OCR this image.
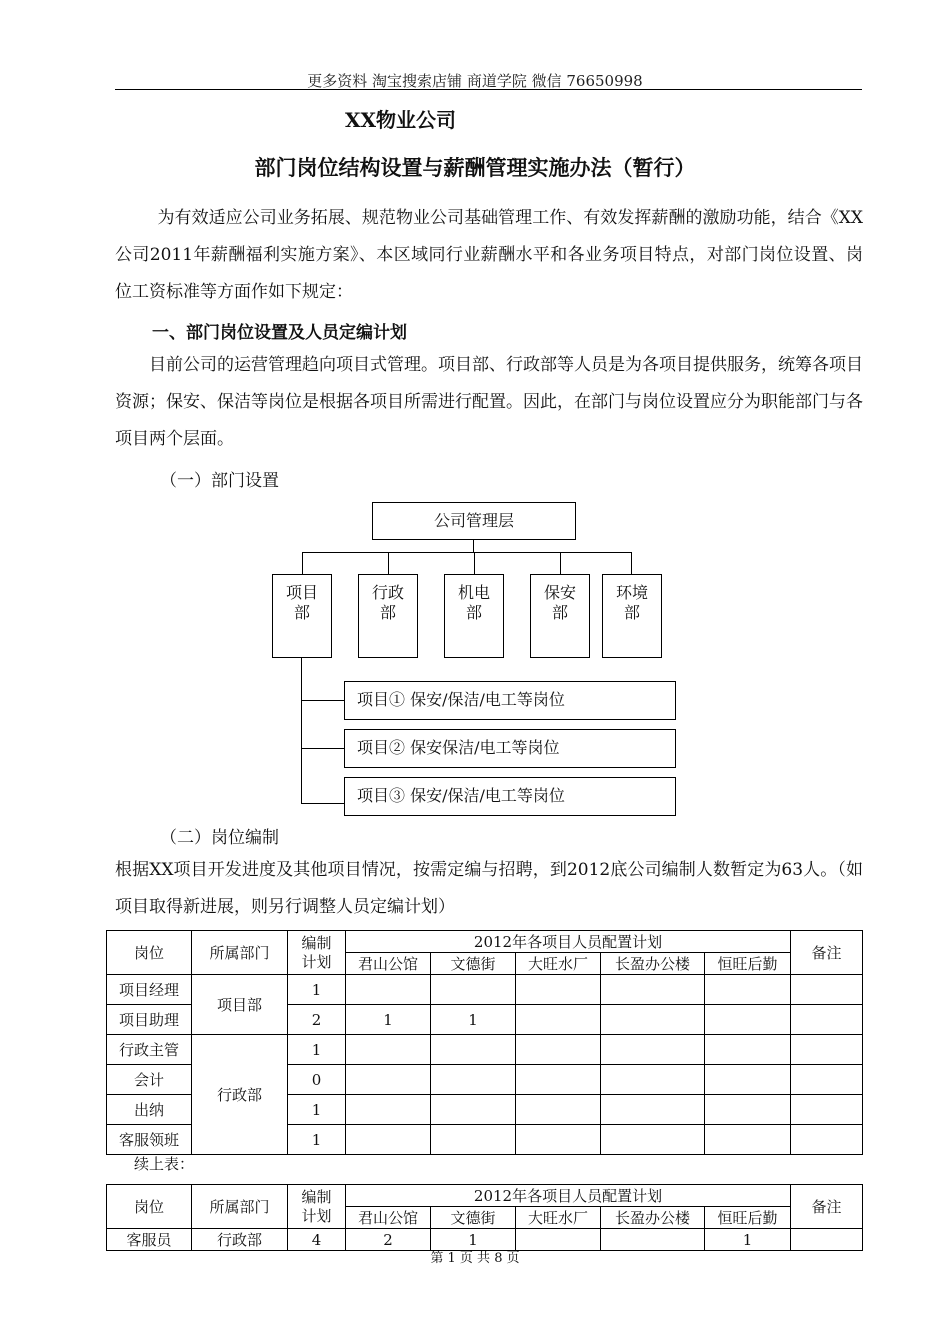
更多资料 淘宝搜索店铺 商道学院 微信 76650998
XX物业公司
部门岗位结构设置与薪酬管理实施办法（暂行）
为有效适应公司业务拓展、规范物业公司基础管理工作、有效发挥薪酬的激励功能，结合《XX公司2011年薪酬福利实施方案》、本区域同行业薪酬水平和各业务项目特点，对部门岗位设置、岗位工资标准等方面作如下规定：
一、部门岗位设置及人员定编计划
目前公司的运营管理趋向项目式管理。项目部、行政部等人员是为各项目提供服务，统筹各项目资源；保安、保洁等岗位是根据各项目所需进行配置。因此，在部门与岗位设置应分为职能部门与各项目两个层面。
（一）部门设置
公司管理层
项目
部
行政
部
机电
部
保安
部
环境
部
项目① 保安/保洁/电工等岗位
项目② 保安保洁/电工等岗位
项目③ 保安/保洁/电工等岗位
（二）岗位编制
根据XX项目开发进度及其他项目情况，按需定编与招聘，到2012底公司编制人数暂定为63人。（如项目取得新进展，则另行调整人员定编计划）
岗位	所属部门	编制
计划	2012年各项目人员配置计划					备注
			君山公馆	文德街	大旺水厂	长盈办公楼	恒旺后勤	
项目经理	项目部	1						
项目助理		2	1	1				
行政主管	行政部	1						
会计		0						
出纳		1						
客服领班		1						
续上表：
岗位	所属部门	编制
计划	2012年各项目人员配置计划					备注
			君山公馆	文德街	大旺水厂	长盈办公楼	恒旺后勤	
客服员	行政部	4	2	1			1	
第 1 页 共 8 页
